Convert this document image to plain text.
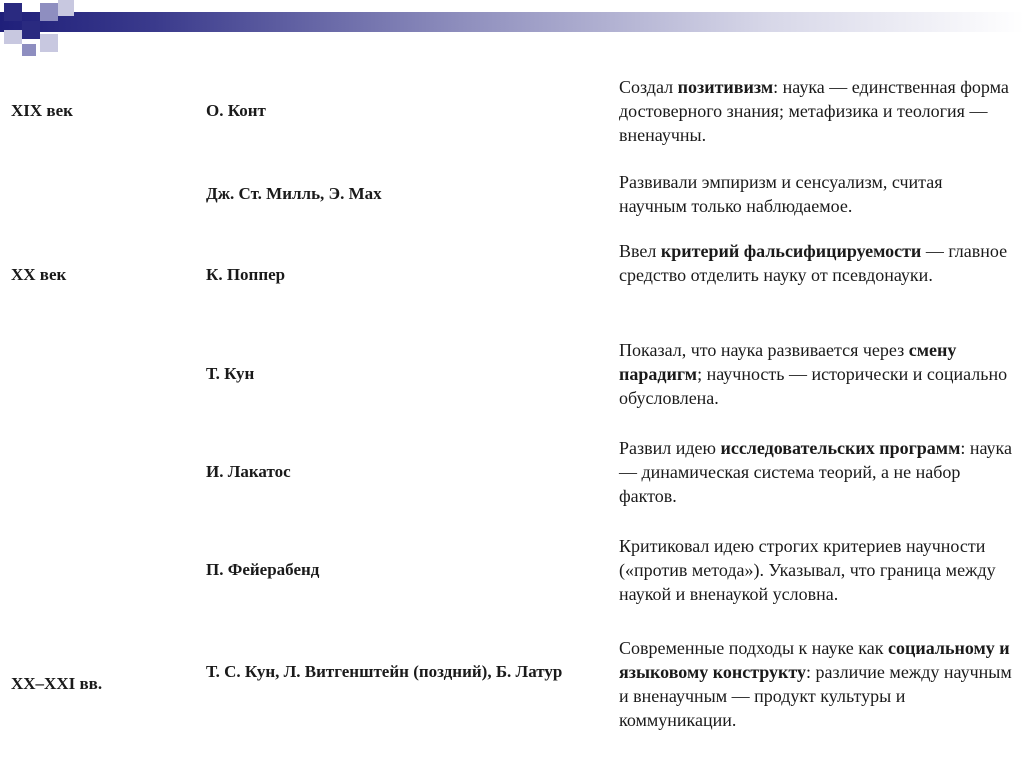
XIX век	О. Конт
Создал позитивизм: наука — единственная форма достоверного знания; метафизика и теология — вненаучны.
Дж. Ст. Милль, Э. Мах
Развивали эмпиризм и сенсуализм, считая научным только наблюдаемое.
XX век	К. Поппер
Ввел критерий фальсифицируемости — главное средство отделить науку от псевдонауки.
Т. Кун
Показал, что наука развивается через смену парадигм; научность — исторически и социально обусловлена.
И. Лакатос
Развил идею исследовательских программ: наука — динамическая система теорий, а не набор фактов.
П. Фейерабенд
Критиковал идею строгих критериев научности («против метода»). Указывал, что граница между наукой и вненаукой условна.
XX–XXI вв.
Т. С. Кун, Л. Витгенштейн (поздний), Б. Латур
Современные подходы к науке как социальному и языковому конструкту: различие между научным и вненаучным — продукт культуры и коммуникации.
